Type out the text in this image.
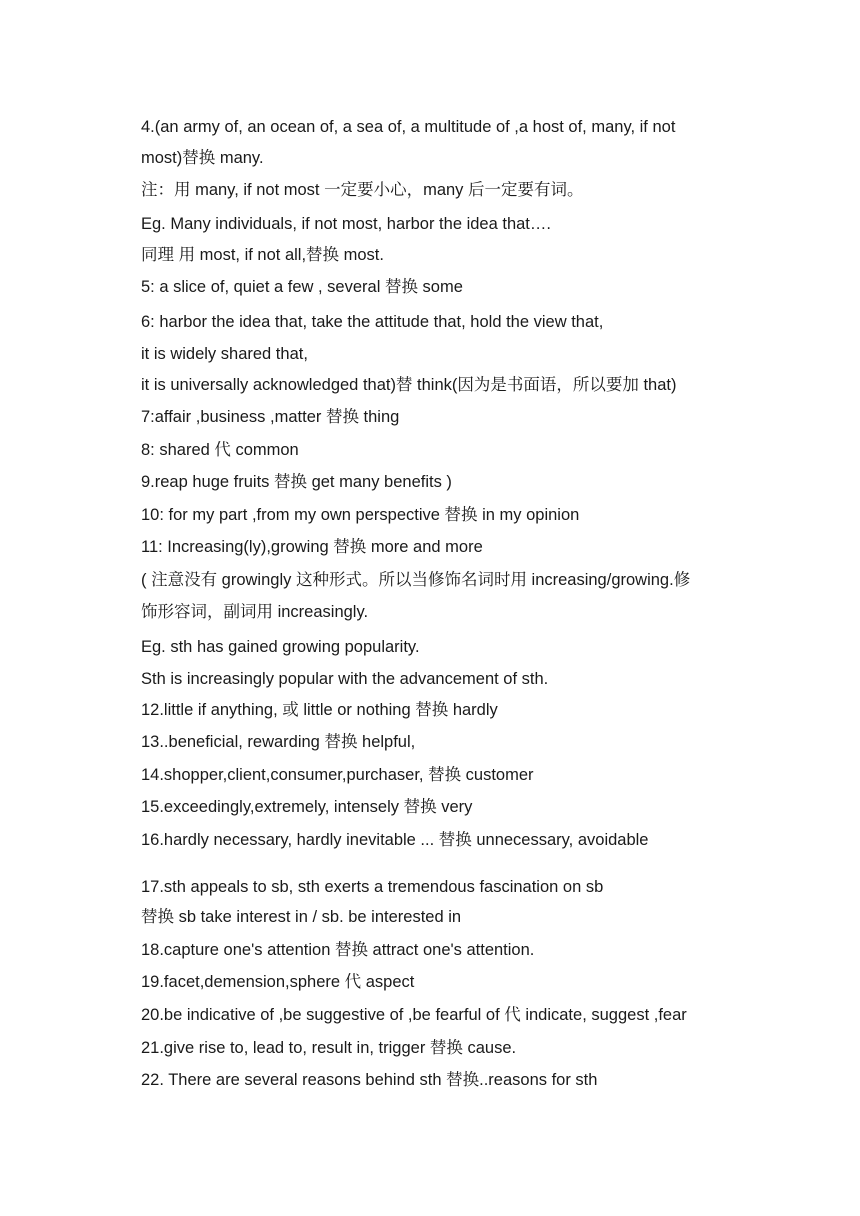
4.(an army of, an ocean of, a sea of, a multitude of ,a host of, many, if not
most)替换 many.
注：用 many, if not most 一定要小心，many 后一定要有词。
Eg. Many individuals, if not most, harbor the idea that….
同理 用 most, if not all,替换 most.
5: a slice of, quiet a few , several 替换 some
6: harbor the idea that, take the attitude that, hold the view that,
it is widely shared that,
it is universally acknowledged that)替 think(因为是书面语，所以要加 that)
7:affair ,business ,matter 替换 thing
8: shared 代 common
9.reap huge fruits 替换 get many benefits )
10: for my part ,from my own perspective 替换 in my opinion
11: Increasing(ly),growing 替换 more and more
( 注意没有 growingly 这种形式。所以当修饰名词时用 increasing/growing.修
饰形容词，副词用 increasingly.
Eg. sth has gained growing popularity.
Sth is increasingly popular with the advancement of sth.
12.little if anything, 或 little or nothing 替换 hardly
13..beneficial, rewarding 替换 helpful,
14.shopper,client,consumer,purchaser, 替换 customer
15.exceedingly,extremely, intensely 替换 very
16.hardly necessary, hardly inevitable ... 替换 unnecessary, avoidable
17.sth appeals to sb, sth exerts a tremendous fascination on sb
替换 sb take interest in / sb. be interested in
18.capture one's attention 替换 attract one's attention.
19.facet,demension,sphere 代 aspect
20.be indicative of ,be suggestive of ,be fearful of 代 indicate, suggest ,fear
21.give rise to, lead to, result in, trigger 替换 cause.
22. There are several reasons behind sth 替换..reasons for sth
